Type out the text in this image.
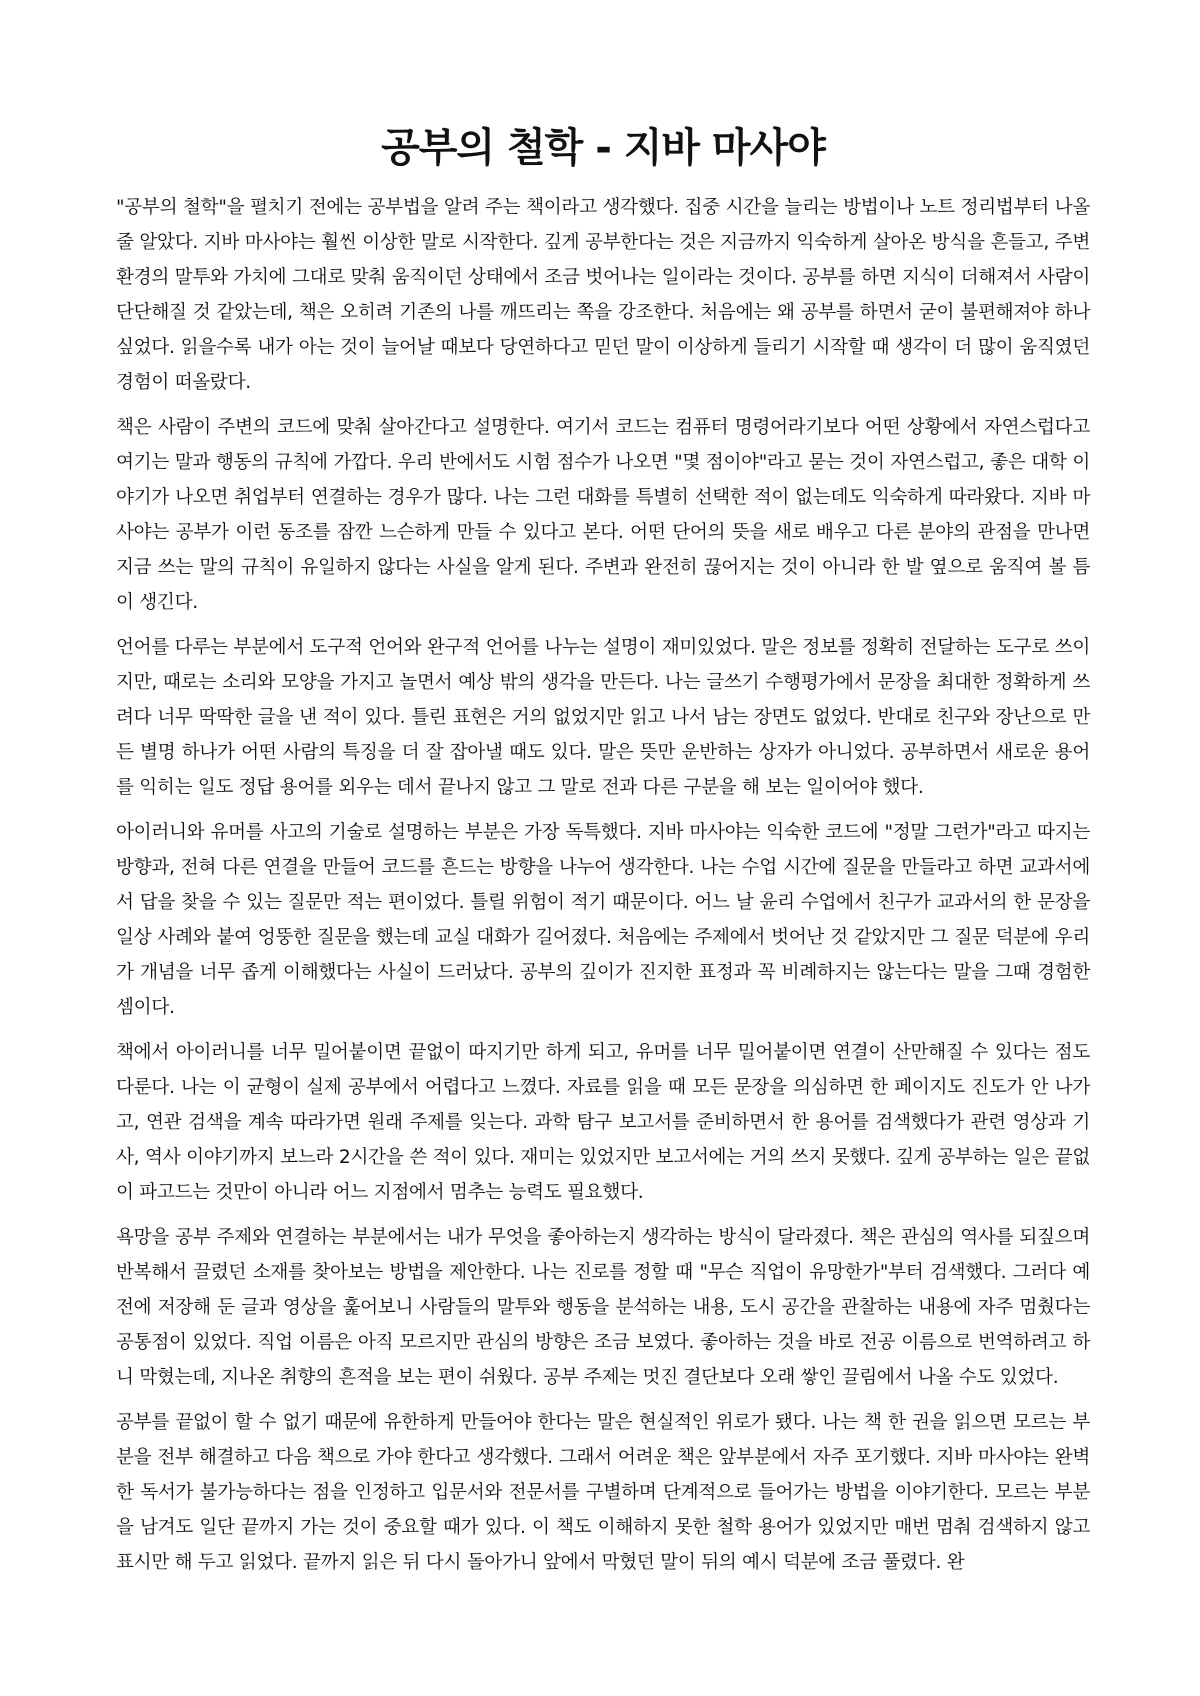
공부의 철학 - 지바 마사야

"공부의 철학"을 펼치기 전에는 공부법을 알려 주는 책이라고 생각했다. 집중 시간을 늘리는 방법이나 노트 정리법부터 나올 줄 알았다. 지바 마사야는 훨씬 이상한 말로 시작한다. 깊게 공부한다는 것은 지금까지 익숙하게 살아온 방식을 흔들고, 주변 환경의 말투와 가치에 그대로 맞춰 움직이던 상태에서 조금 벗어나는 일이라는 것이다. 공부를 하면 지식이 더해져서 사람이 단단해질 것 같았는데, 책은 오히려 기존의 나를 깨뜨리는 쪽을 강조한다. 처음에는 왜 공부를 하면서 굳이 불편해져야 하나 싶었다. 읽을수록 내가 아는 것이 늘어날 때보다 당연하다고 믿던 말이 이상하게 들리기 시작할 때 생각이 더 많이 움직였던 경험이 떠올랐다.

책은 사람이 주변의 코드에 맞춰 살아간다고 설명한다. 여기서 코드는 컴퓨터 명령어라기보다 어떤 상황에서 자연스럽다고 여기는 말과 행동의 규칙에 가깝다. 우리 반에서도 시험 점수가 나오면 "몇 점이야"라고 묻는 것이 자연스럽고, 좋은 대학 이야기가 나오면 취업부터 연결하는 경우가 많다. 나는 그런 대화를 특별히 선택한 적이 없는데도 익숙하게 따라왔다. 지바 마사야는 공부가 이런 동조를 잠깐 느슨하게 만들 수 있다고 본다. 어떤 단어의 뜻을 새로 배우고 다른 분야의 관점을 만나면 지금 쓰는 말의 규칙이 유일하지 않다는 사실을 알게 된다. 주변과 완전히 끊어지는 것이 아니라 한 발 옆으로 움직여 볼 틈이 생긴다.

언어를 다루는 부분에서 도구적 언어와 완구적 언어를 나누는 설명이 재미있었다. 말은 정보를 정확히 전달하는 도구로 쓰이지만, 때로는 소리와 모양을 가지고 놀면서 예상 밖의 생각을 만든다. 나는 글쓰기 수행평가에서 문장을 최대한 정확하게 쓰려다 너무 딱딱한 글을 낸 적이 있다. 틀린 표현은 거의 없었지만 읽고 나서 남는 장면도 없었다. 반대로 친구와 장난으로 만든 별명 하나가 어떤 사람의 특징을 더 잘 잡아낼 때도 있다. 말은 뜻만 운반하는 상자가 아니었다. 공부하면서 새로운 용어를 익히는 일도 정답 용어를 외우는 데서 끝나지 않고 그 말로 전과 다른 구분을 해 보는 일이어야 했다.

아이러니와 유머를 사고의 기술로 설명하는 부분은 가장 독특했다. 지바 마사야는 익숙한 코드에 "정말 그런가"라고 따지는 방향과, 전혀 다른 연결을 만들어 코드를 흔드는 방향을 나누어 생각한다. 나는 수업 시간에 질문을 만들라고 하면 교과서에서 답을 찾을 수 있는 질문만 적는 편이었다. 틀릴 위험이 적기 때문이다. 어느 날 윤리 수업에서 친구가 교과서의 한 문장을 일상 사례와 붙여 엉뚱한 질문을 했는데 교실 대화가 길어졌다. 처음에는 주제에서 벗어난 것 같았지만 그 질문 덕분에 우리가 개념을 너무 좁게 이해했다는 사실이 드러났다. 공부의 깊이가 진지한 표정과 꼭 비례하지는 않는다는 말을 그때 경험한 셈이다.

책에서 아이러니를 너무 밀어붙이면 끝없이 따지기만 하게 되고, 유머를 너무 밀어붙이면 연결이 산만해질 수 있다는 점도 다룬다. 나는 이 균형이 실제 공부에서 어렵다고 느꼈다. 자료를 읽을 때 모든 문장을 의심하면 한 페이지도 진도가 안 나가고, 연관 검색을 계속 따라가면 원래 주제를 잊는다. 과학 탐구 보고서를 준비하면서 한 용어를 검색했다가 관련 영상과 기사, 역사 이야기까지 보느라 2시간을 쓴 적이 있다. 재미는 있었지만 보고서에는 거의 쓰지 못했다. 깊게 공부하는 일은 끝없이 파고드는 것만이 아니라 어느 지점에서 멈추는 능력도 필요했다.

욕망을 공부 주제와 연결하는 부분에서는 내가 무엇을 좋아하는지 생각하는 방식이 달라졌다. 책은 관심의 역사를 되짚으며 반복해서 끌렸던 소재를 찾아보는 방법을 제안한다. 나는 진로를 정할 때 "무슨 직업이 유망한가"부터 검색했다. 그러다 예전에 저장해 둔 글과 영상을 훑어보니 사람들의 말투와 행동을 분석하는 내용, 도시 공간을 관찰하는 내용에 자주 멈췄다는 공통점이 있었다. 직업 이름은 아직 모르지만 관심의 방향은 조금 보였다. 좋아하는 것을 바로 전공 이름으로 번역하려고 하니 막혔는데, 지나온 취향의 흔적을 보는 편이 쉬웠다. 공부 주제는 멋진 결단보다 오래 쌓인 끌림에서 나올 수도 있었다.

공부를 끝없이 할 수 없기 때문에 유한하게 만들어야 한다는 말은 현실적인 위로가 됐다. 나는 책 한 권을 읽으면 모르는 부분을 전부 해결하고 다음 책으로 가야 한다고 생각했다. 그래서 어려운 책은 앞부분에서 자주 포기했다. 지바 마사야는 완벽한 독서가 불가능하다는 점을 인정하고 입문서와 전문서를 구별하며 단계적으로 들어가는 방법을 이야기한다. 모르는 부분을 남겨도 일단 끝까지 가는 것이 중요할 때가 있다. 이 책도 이해하지 못한 철학 용어가 있었지만 매번 멈춰 검색하지 않고 표시만 해 두고 읽었다. 끝까지 읽은 뒤 다시 돌아가니 앞에서 막혔던 말이 뒤의 예시 덕분에 조금 풀렸다. 완
